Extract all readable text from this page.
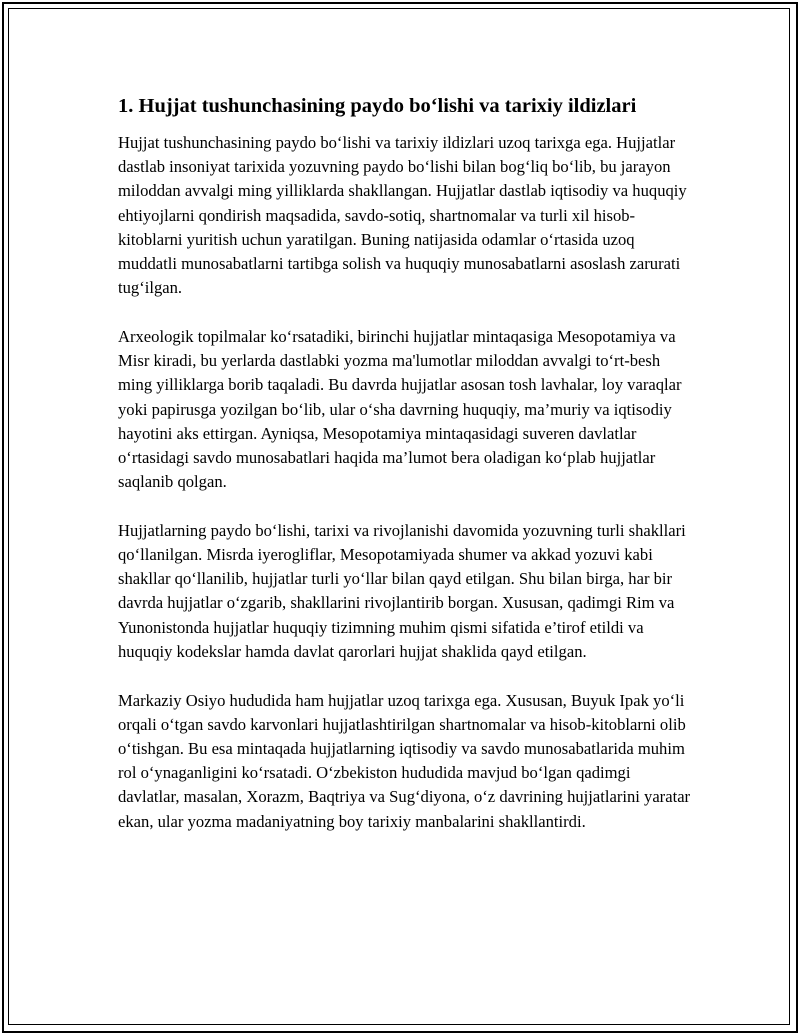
1. Hujjat tushunchasining paydo bo‘lishi va tarixiy ildizlari

Hujjat tushunchasining paydo bo‘lishi va tarixiy ildizlari uzoq tarixga ega. Hujjatlar dastlab insoniyat tarixida yozuvning paydo bo‘lishi bilan bog‘liq bo‘lib, bu jarayon miloddan avvalgi ming yilliklarda shakllangan. Hujjatlar dastlab iqtisodiy va huquqiy ehtiyojlarni qondirish maqsadida, savdo-sotiq, shartnomalar va turli xil hisob-kitoblarni yuritish uchun yaratilgan. Buning natijasida odamlar o‘rtasida uzoq muddatli munosabatlarni tartibga solish va huquqiy munosabatlarni asoslash zarurati tug‘ilgan.

Arxeologik topilmalar ko‘rsatadiki, birinchi hujjatlar mintaqasiga Mesopotamiya va Misr kiradi, bu yerlarda dastlabki yozma ma'lumotlar miloddan avvalgi to‘rt-besh ming yilliklarga borib taqaladi. Bu davrda hujjatlar asosan tosh lavhalar, loy varaqlar yoki papirusga yozilgan bo‘lib, ular o‘sha davrning huquqiy, ma’muriy va iqtisodiy hayotini aks ettirgan. Ayniqsa, Mesopotamiya mintaqasidagi suveren davlatlar o‘rtasidagi savdo munosabatlari haqida ma’lumot bera oladigan ko‘plab hujjatlar saqlanib qolgan.

Hujjatlarning paydo bo‘lishi, tarixi va rivojlanishi davomida yozuvning turli shakllari qo‘llanilgan. Misrda iyerogliflar, Mesopotamiyada shumer va akkad yozuvi kabi shakllar qo‘llanilib, hujjatlar turli yo‘llar bilan qayd etilgan. Shu bilan birga, har bir davrda hujjatlar o‘zgarib, shakllarini rivojlantirib borgan. Xususan, qadimgi Rim va Yunonistonda hujjatlar huquqiy tizimning muhim qismi sifatida e’tirof etildi va huquqiy kodekslar hamda davlat qarorlari hujjat shaklida qayd etilgan.

Markaziy Osiyo hududida ham hujjatlar uzoq tarixga ega. Xususan, Buyuk Ipak yo‘li orqali o‘tgan savdo karvonlari hujjatlashtirilgan shartnomalar va hisob-kitoblarni olib o‘tishgan. Bu esa mintaqada hujjatlarning iqtisodiy va savdo munosabatlarida muhim rol o‘ynaganligini ko‘rsatadi. O‘zbekiston hududida mavjud bo‘lgan qadimgi davlatlar, masalan, Xorazm, Baqtriya va Sug‘diyona, o‘z davrining hujjatlarini yaratar ekan, ular yozma madaniyatning boy tarixiy manbalarini shakllantirdi.
